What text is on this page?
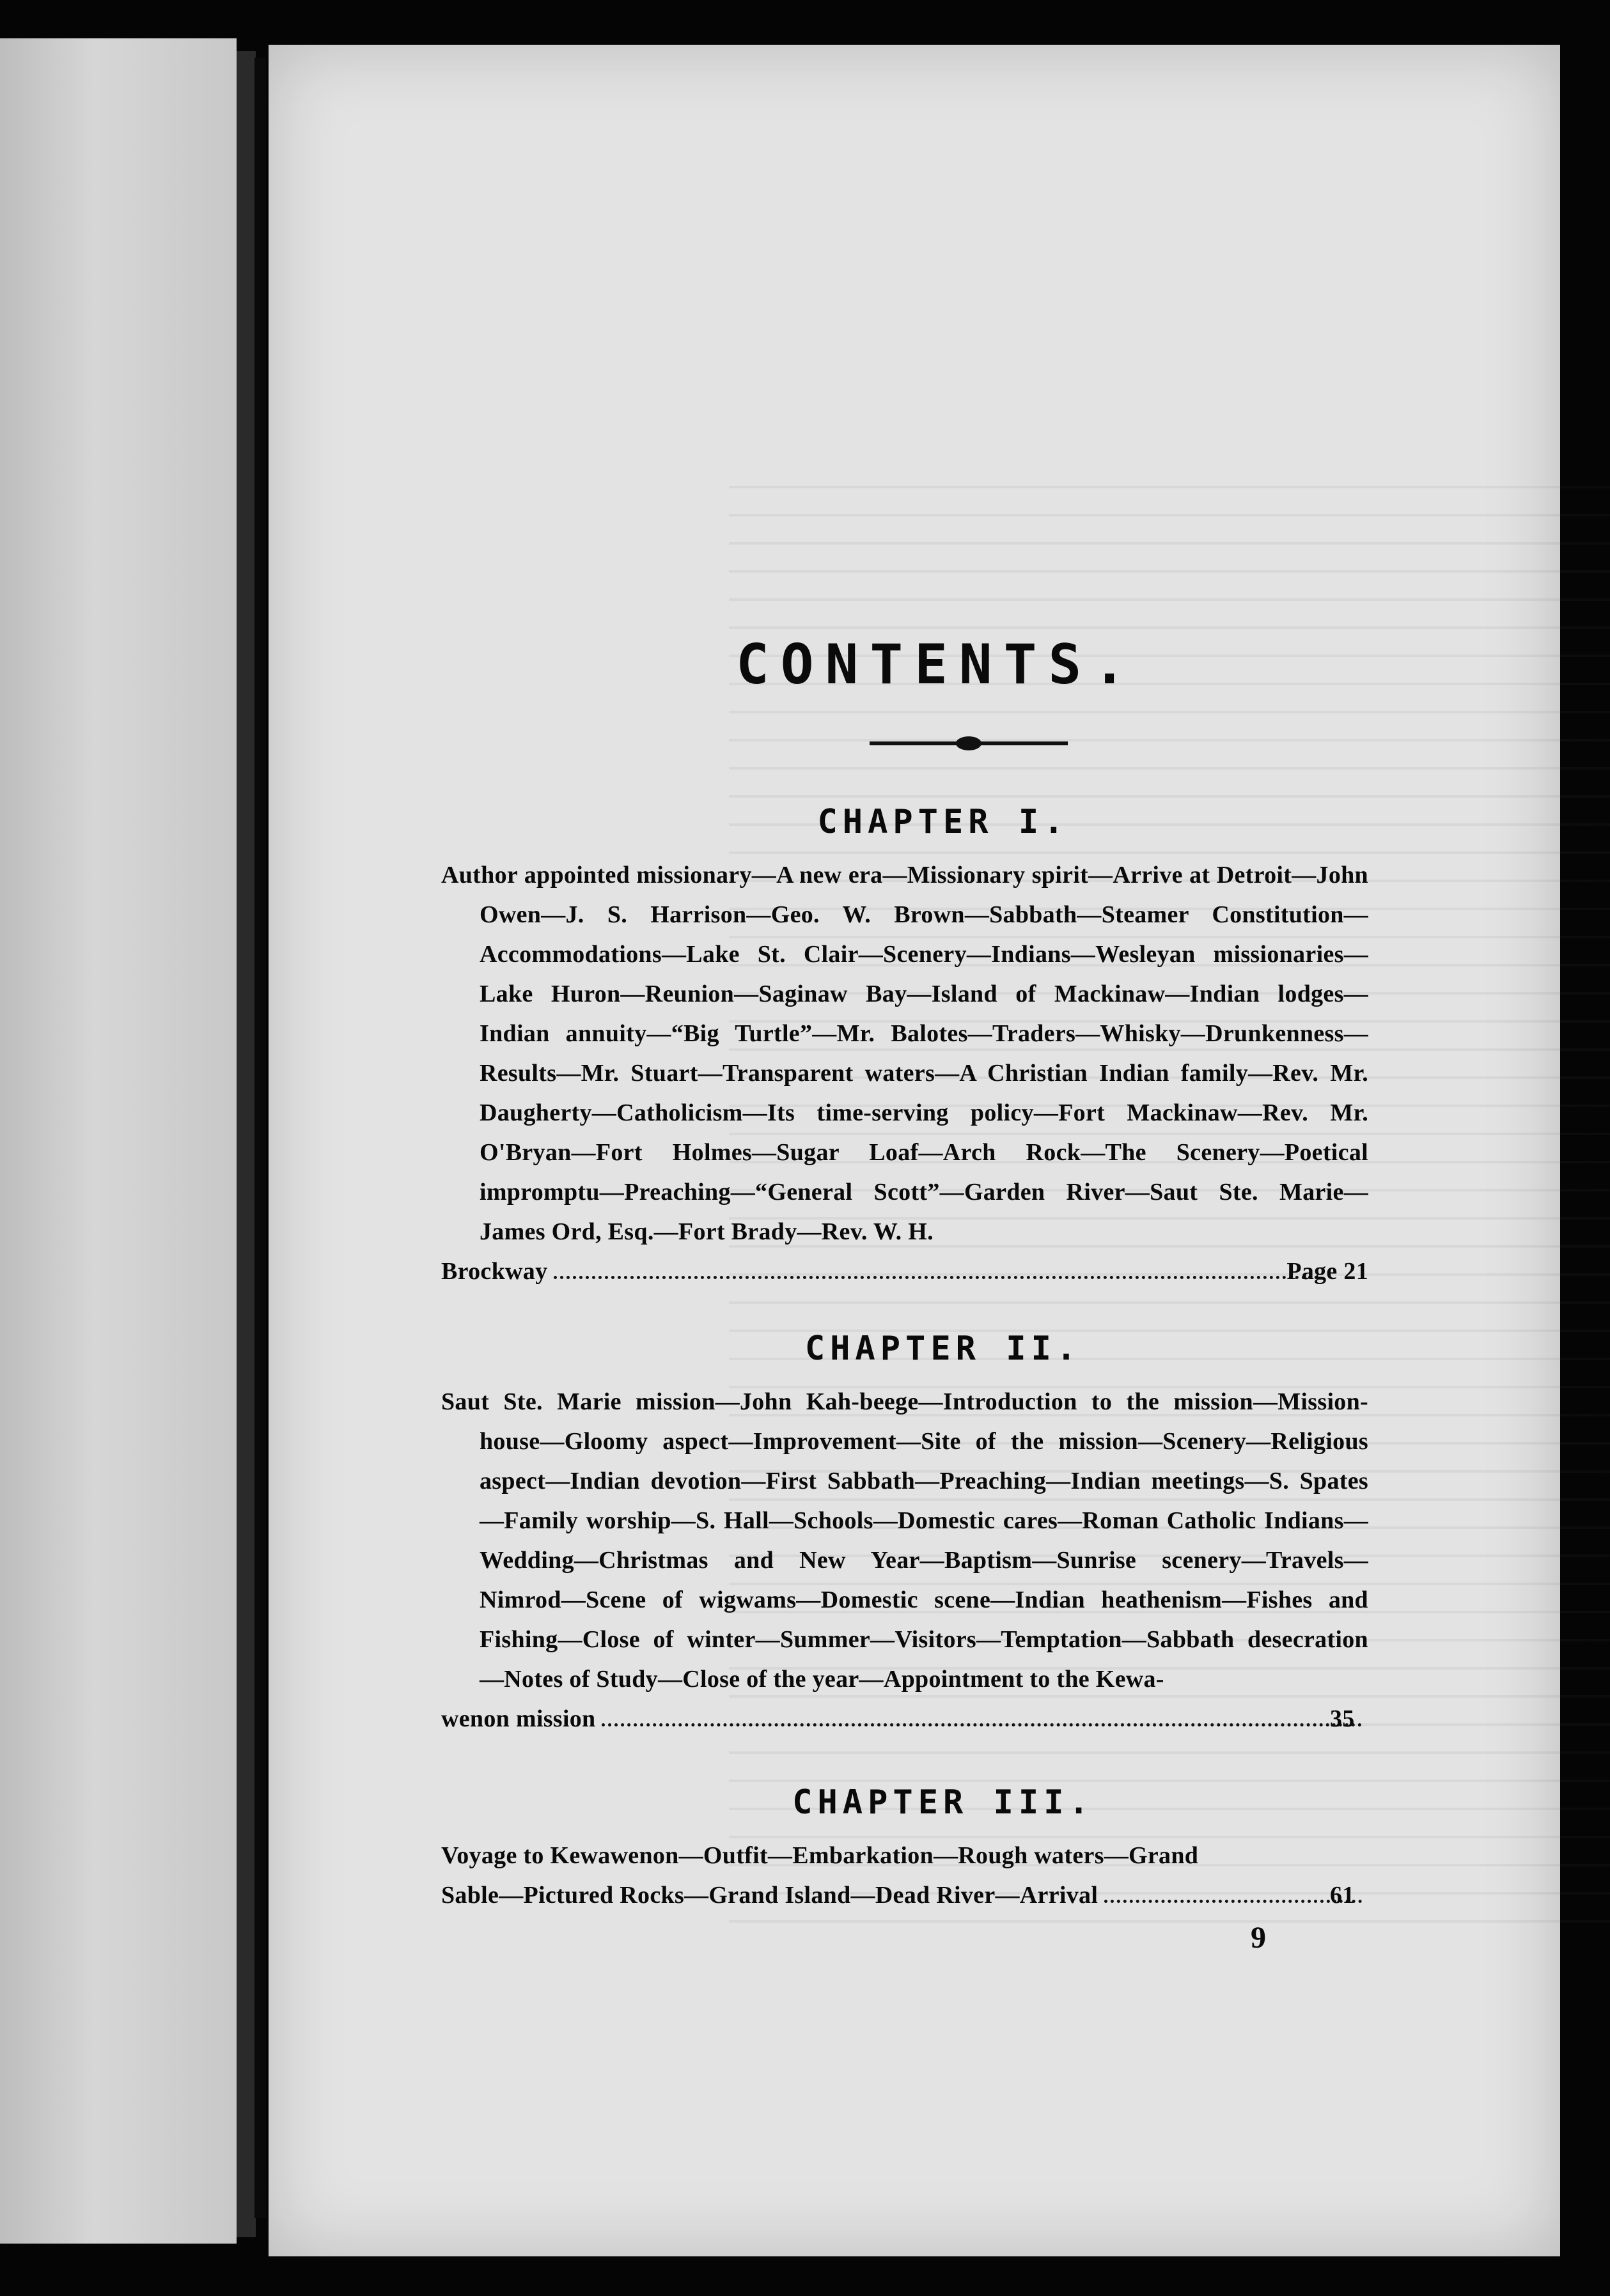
CONTENTS.
CHAPTER I.
Author appointed missionary—A new era—Missionary spirit—Arrive at Detroit—John Owen—J. S. Harrison—Geo. W. Brown—Sabbath—Steamer Constitution—Accommodations—Lake St. Clair—Scenery—Indians—Wesleyan missionaries—Lake Huron—Reunion—Saginaw Bay—Island of Mackinaw—Indian lodges—Indian annuity—“Big Turtle”—Mr. Balotes—Traders—Whisky—Drunkenness—Results—Mr. Stuart—Transparent waters—A Christian Indian family—Rev. Mr. Daugherty—Catholicism—Its time-serving policy—Fort Mackinaw—Rev. Mr. O'Bryan—Fort Holmes—Sugar Loaf—Arch Rock—The Scenery—Poetical impromptu—Preaching—“General Scott”—Garden River—Saut Ste. Marie—James Ord, Esq.—Fort Brady—Rev. W. H.
Brockway	Page 21
CHAPTER II.
Saut Ste. Marie mission—John Kah-beege—Introduction to the mission—Mission-house—Gloomy aspect—Improvement—Site of the mission—Scenery—Religious aspect—Indian devotion—First Sabbath—Preaching—Indian meetings—S. Spates—Family worship—S. Hall—Schools—Domestic cares—Roman Catholic Indians—Wedding—Christmas and New Year—Baptism—Sunrise scenery—Travels—Nimrod—Scene of wigwams—Domestic scene—Indian heathenism—Fishes and Fishing—Close of winter—Summer—Visitors—Temptation—Sabbath desecration—Notes of Study—Close of the year—Appointment to the Kewa-
wenon mission	35
CHAPTER III.
Voyage to Kewawenon—Outfit—Embarkation—Rough waters—Grand
Sable—Pictured Rocks—Grand Island—Dead River—Arrival	61
9
